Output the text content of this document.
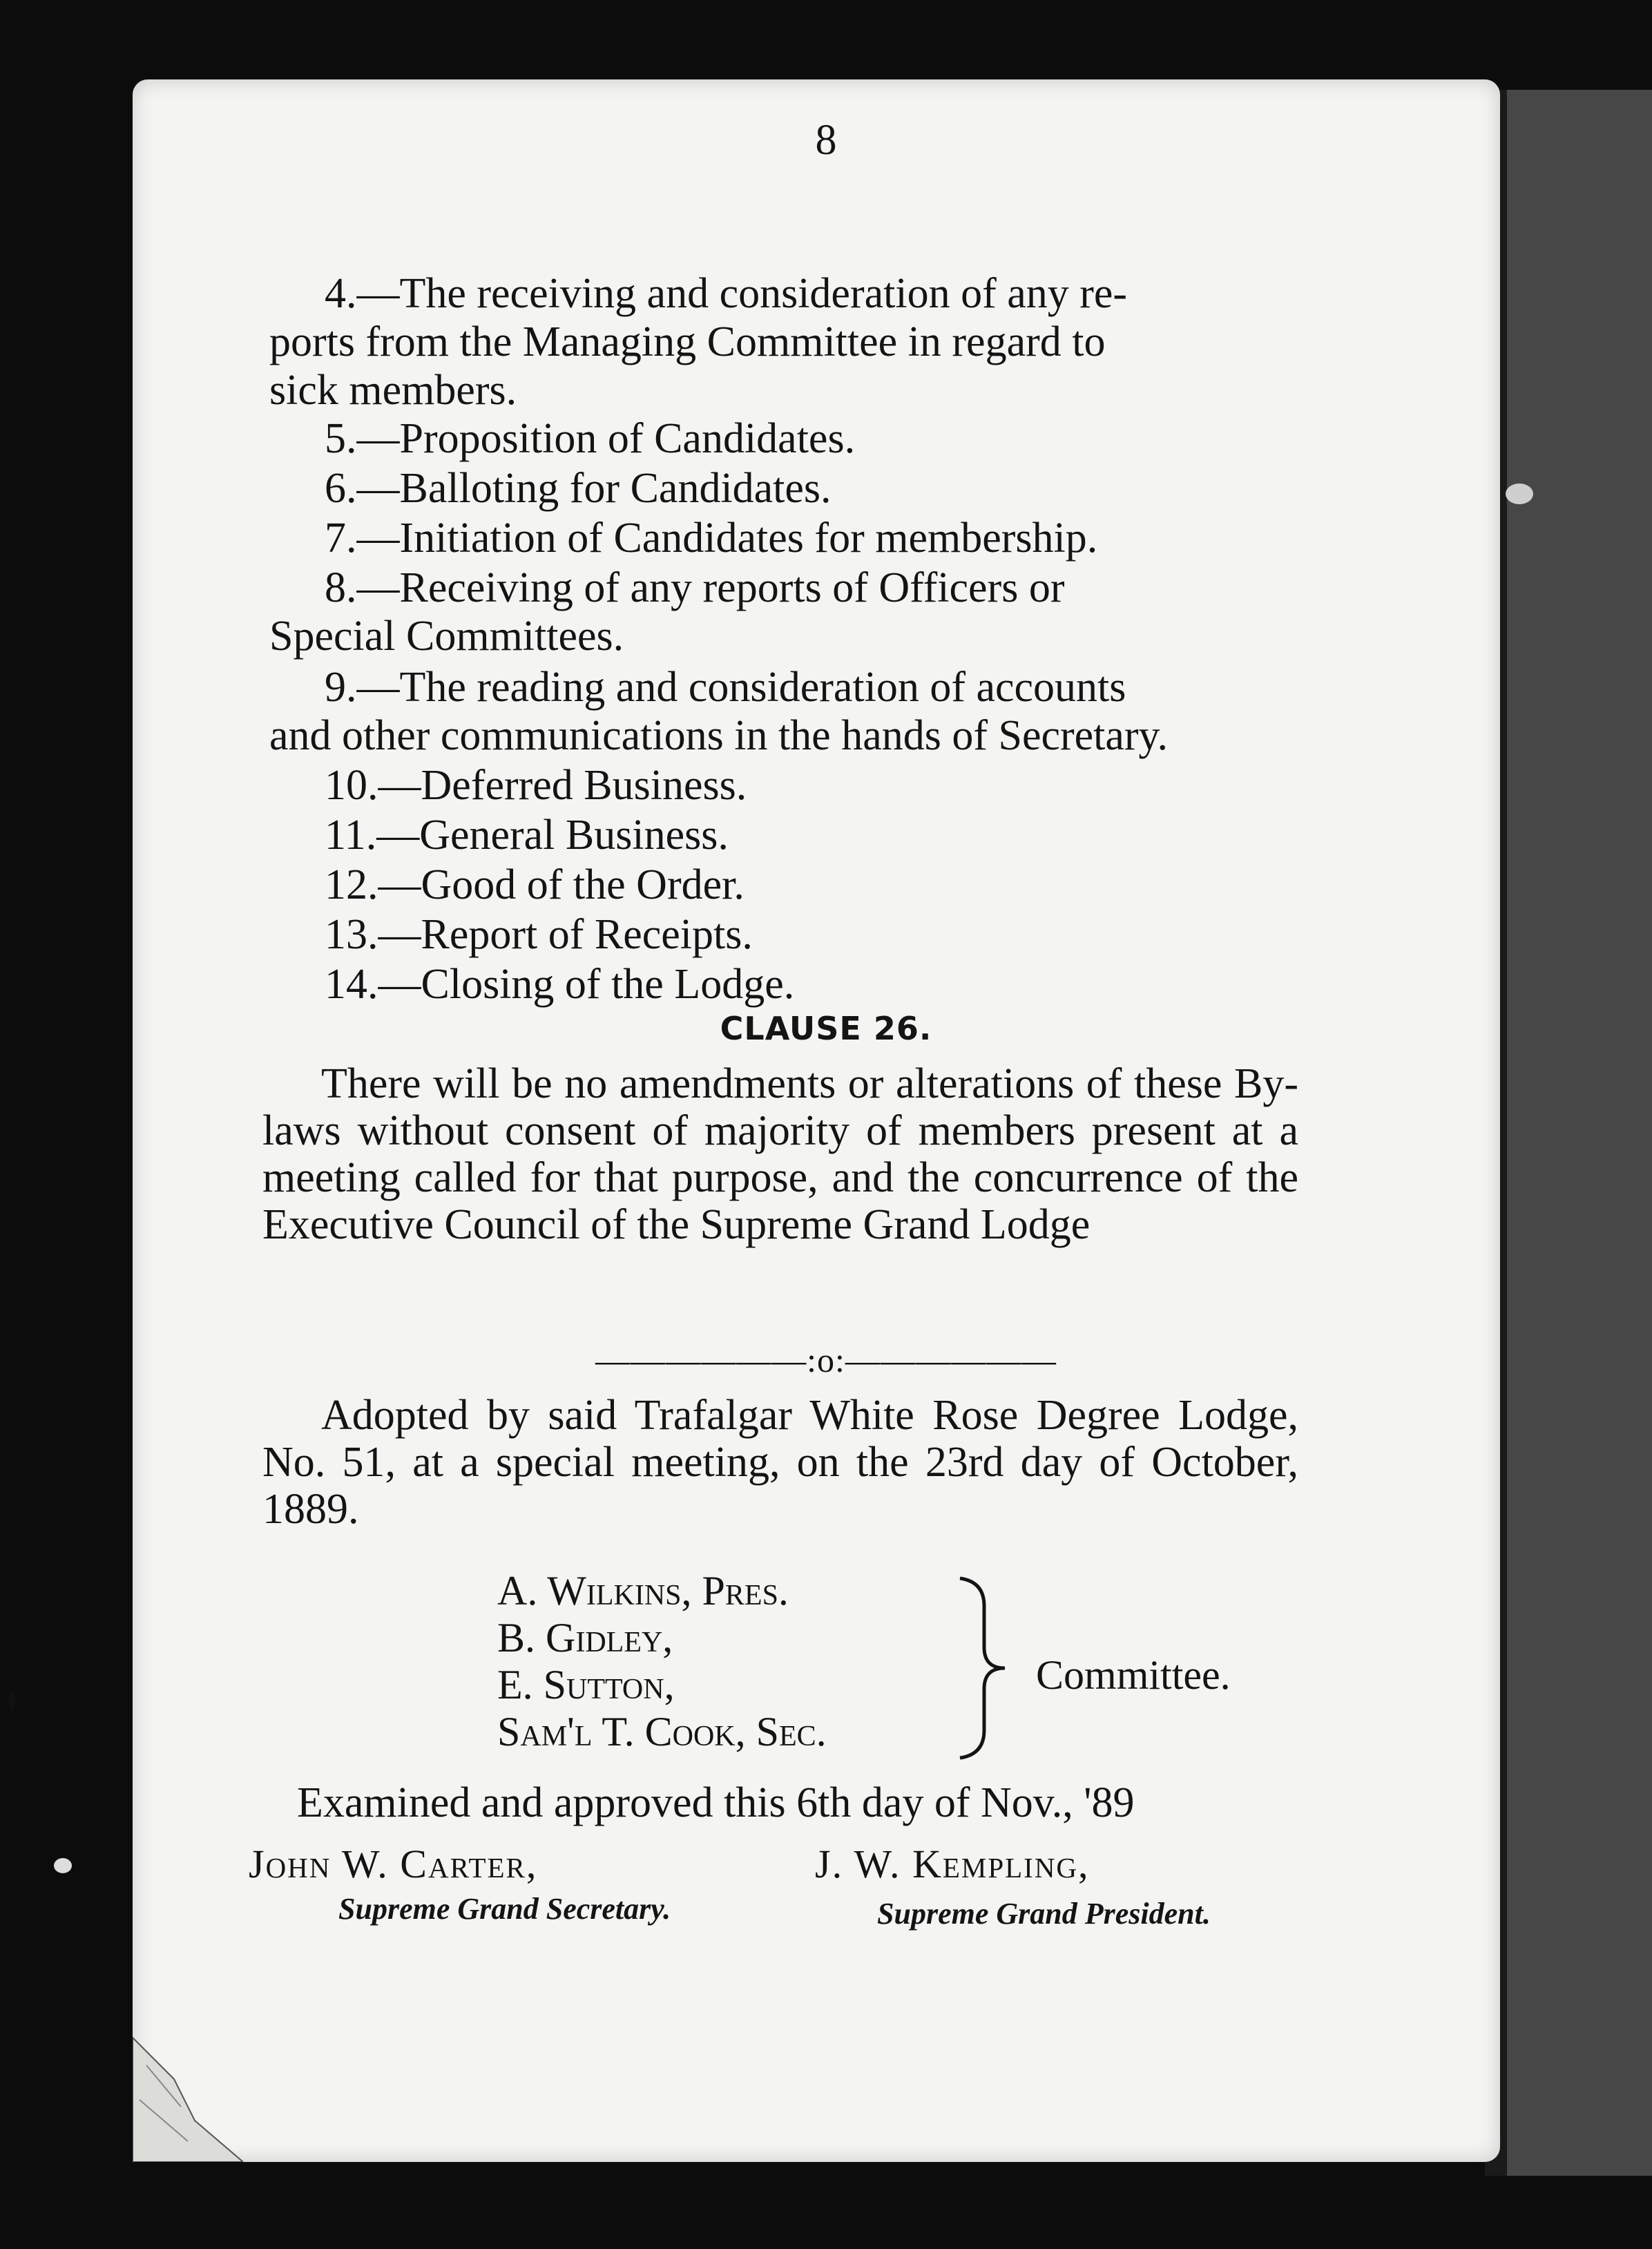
8
4.—The receiving and consideration of any re-
ports from the Managing Committee in regard to
sick members.
5.—Proposition of Candidates.
6.—Balloting for Candidates.
7.—Initiation of Candidates for membership.
8.—Receiving of any reports of Officers or
Special Committees.
9.—The reading and consideration of accounts
and other communications in the hands of Secretary.
10.—Deferred Business.
11.—General Business.
12.—Good of the Order.
13.—Report of Receipts.
14.—Closing of the Lodge.
CLAUSE 26.
There will be no amendments or alterations of these By-laws without consent of majority of members present at a meeting called for that purpose, and the concurrence of the Executive Council of the Supreme Grand Lodge
——————:o:——————
Adopted by said Trafalgar White Rose Degree Lodge, No. 51, at a special meeting, on the 23rd day of October, 1889.
A. Wilkins, Pres.
B. Gidley,
E. Sutton,
Sam'l T. Cook, Sec.
Committee.
Examined and approved this 6th day of Nov., '89
John W. Carter,
Supreme Grand Secretary.
J. W. Kempling,
Supreme Grand President.
